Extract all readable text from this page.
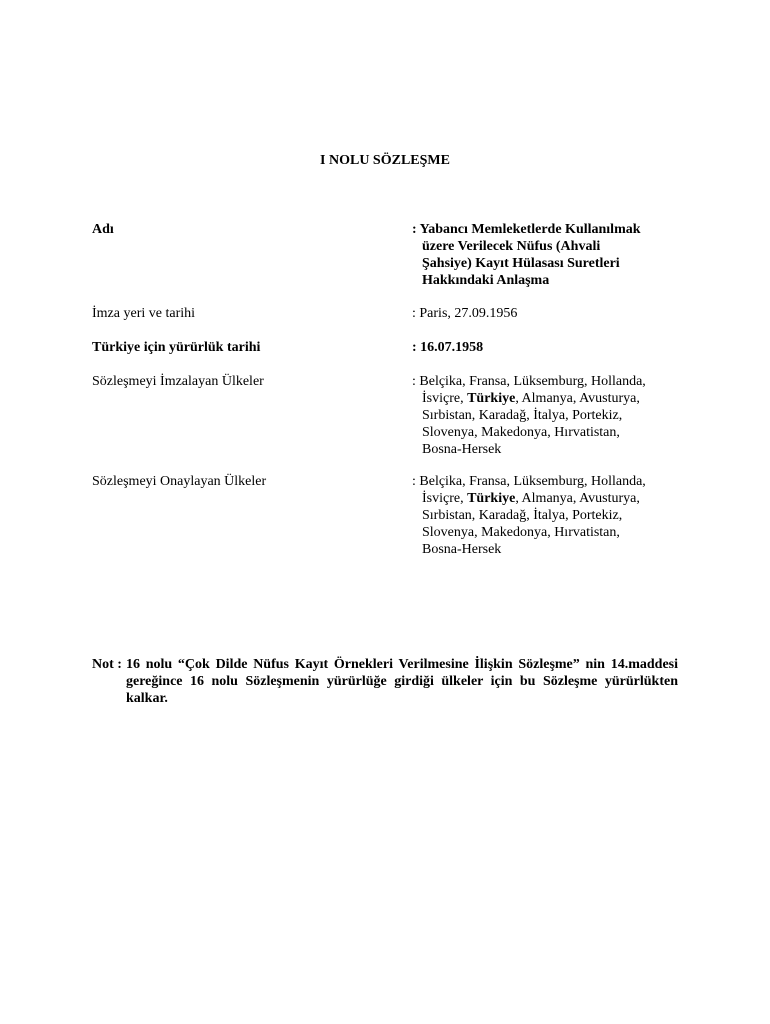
I NOLU SÖZLEŞME
Adı	: Yabancı Memleketlerde Kullanılmak
üzere Verilecek Nüfus (Ahvali
Şahsiye) Kayıt Hülasası Suretleri
Hakkındaki Anlaşma
İmza yeri ve tarihi	: Paris, 27.09.1956
Türkiye için yürürlük tarihi	: 16.07.1958
Sözleşmeyi İmzalayan Ülkeler	: Belçika, Fransa, Lüksemburg, Hollanda,
İsviçre, Türkiye, Almanya, Avusturya,
Sırbistan, Karadağ, İtalya, Portekiz,
Slovenya, Makedonya, Hırvatistan,
Bosna-Hersek
Sözleşmeyi Onaylayan Ülkeler	: Belçika, Fransa, Lüksemburg, Hollanda,
İsviçre, Türkiye, Almanya, Avusturya,
Sırbistan, Karadağ, İtalya, Portekiz,
Slovenya, Makedonya, Hırvatistan,
Bosna-Hersek
Not : 16 nolu “Çok Dilde Nüfus Kayıt Örnekleri Verilmesine İlişkin Sözleşme” nin 14.maddesi gereğince 16 nolu Sözleşmenin yürürlüğe girdiği ülkeler için bu Sözleşme yürürlükten kalkar.
